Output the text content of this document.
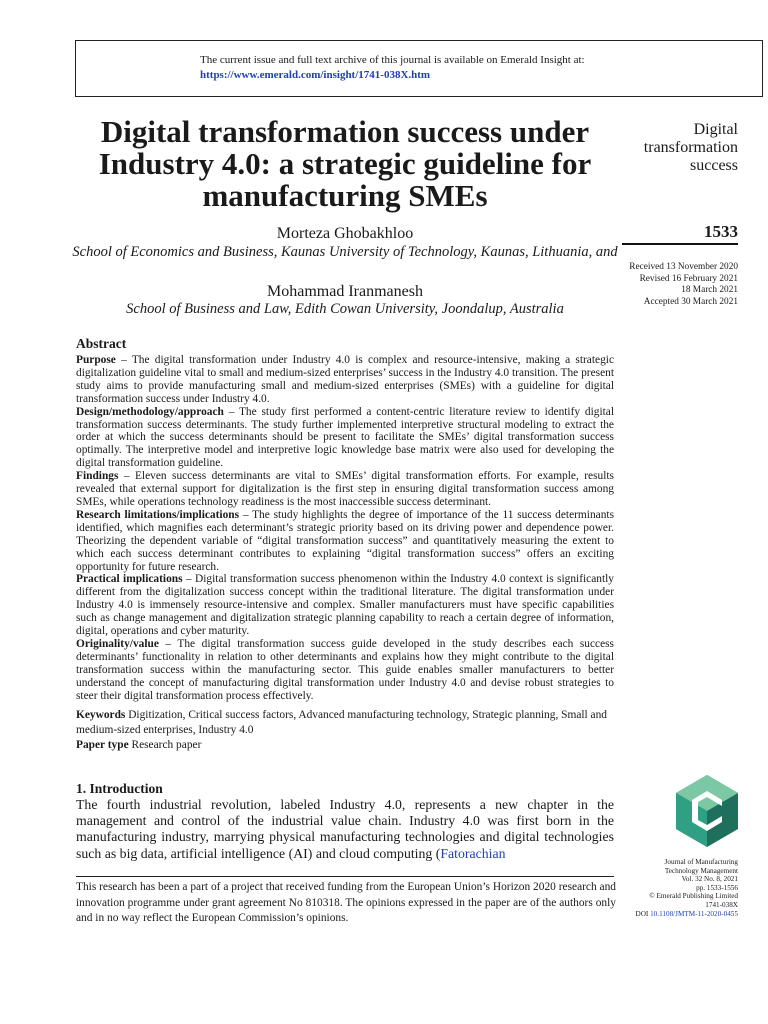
The current issue and full text archive of this journal is available on Emerald Insight at:
https://www.emerald.com/insight/1741-038X.htm
Digital transformation success under Industry 4.0: a strategic guideline for manufacturing SMEs
Morteza Ghobakhloo
School of Economics and Business, Kaunas University of Technology, Kaunas, Lithuania, and
Mohammad Iranmanesh
School of Business and Law, Edith Cowan University, Joondalup, Australia
Digital
transformation
success
1533
Received 13 November 2020
Revised 16 February 2021
18 March 2021
Accepted 30 March 2021
Abstract

Purpose – The digital transformation under Industry 4.0 is complex and resource-intensive, making a strategic digitalization guideline vital to small and medium-sized enterprises’ success in the Industry 4.0 transition. The present study aims to provide manufacturing small and medium-sized enterprises (SMEs) with a guideline for digital transformation success under Industry 4.0.

Design/methodology/approach – The study first performed a content-centric literature review to identify digital transformation success determinants. The study further implemented interpretive structural modeling to extract the order at which the success determinants should be present to facilitate the SMEs’ digital transformation success optimally. The interpretive model and interpretive logic knowledge base matrix were also used for developing the digital transformation guideline.

Findings – Eleven success determinants are vital to SMEs’ digital transformation efforts. For example, results revealed that external support for digitalization is the first step in ensuring digital transformation success among SMEs, while operations technology readiness is the most inaccessible success determinant.

Research limitations/implications – The study highlights the degree of importance of the 11 success determinants identified, which magnifies each determinant’s strategic priority based on its driving power and dependence power. Theorizing the dependent variable of “digital transformation success” and quantitatively measuring the extent to which each success determinant contributes to explaining “digital transformation success” offers an exciting opportunity for future research.

Practical implications – Digital transformation success phenomenon within the Industry 4.0 context is significantly different from the digitalization success concept within the traditional literature. The digital transformation under Industry 4.0 is immensely resource-intensive and complex. Smaller manufacturers must have specific capabilities such as change management and digitalization strategic planning capability to reach a certain degree of information, digital, operations and cyber maturity.

Originality/value – The digital transformation success guide developed in the study describes each success determinants’ functionality in relation to other determinants and explains how they might contribute to the digital transformation success within the manufacturing sector. This guide enables smaller manufacturers to better understand the concept of manufacturing digital transformation under Industry 4.0 and devise robust strategies to steer their digital transformation process effectively.

Keywords Digitization, Critical success factors, Advanced manufacturing technology, Strategic planning, Small and medium-sized enterprises, Industry 4.0

Paper type Research paper

1. Introduction
The fourth industrial revolution, labeled Industry 4.0, represents a new chapter in the management and control of the industrial value chain. Industry 4.0 was first born in the manufacturing industry, marrying physical manufacturing technologies and digital technologies such as big data, artificial intelligence (AI) and cloud computing (Fatorachian
This research has been a part of a project that received funding from the European Union’s Horizon 2020 research and innovation programme under grant agreement No 810318. The opinions expressed in the paper are of the authors only and in no way reflect the European Commission’s opinions.
Journal of Manufacturing
Technology Management
Vol. 32 No. 8, 2021
pp. 1533-1556
© Emerald Publishing Limited
1741-038X
DOI 10.1108/JMTM-11-2020-0455
